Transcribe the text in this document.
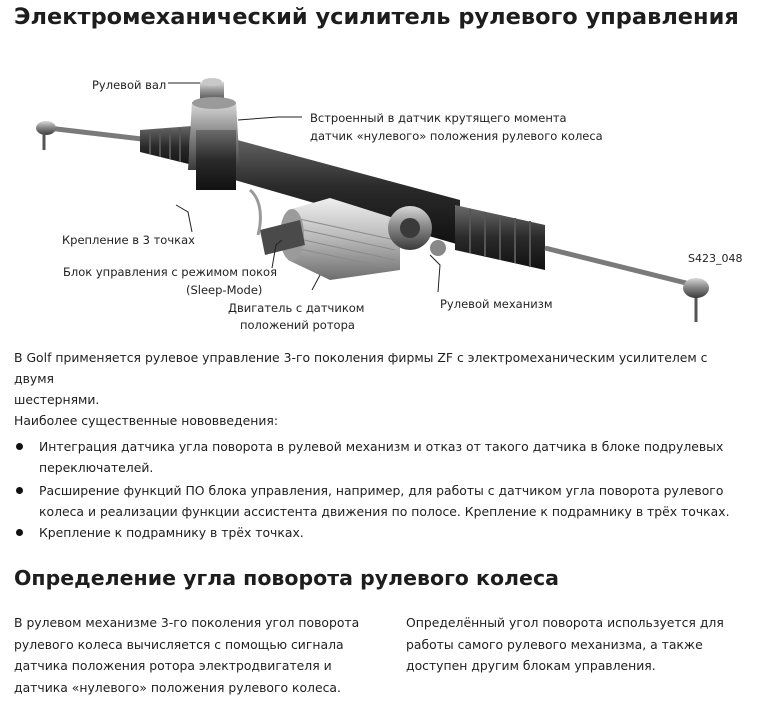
Электромеханический усилитель рулевого управления
Рулевой вал
Встроенный в датчик крутящего момента
датчик «нулевого» положения рулевого колеса
Крепление в 3 точках
Блок управления с режимом покоя
(Sleep-Mode)
Двигатель с датчиком
положений ротора
Рулевой механизм
S423_048
В Golf применяется рулевое управление 3-го поколения фирмы ZF с электромеханическим усилителем с двумя
шестернями.
Наиболее существенные нововведения:
Интеграция датчика угла поворота в рулевой механизм и отказ от такого датчика в блоке подрулевых
переключателей.
Расширение функций ПО блока управления, например, для работы с датчиком угла поворота рулевого
колеса и реализации функции ассистента движения по полосе. Крепление к подрамнику в трёх точках.
Крепление к подрамнику в трёх точках.
Определение угла поворота рулевого колеса
В рулевом механизме 3-го поколения угол поворота
рулевого колеса вычисляется с помощью сигнала
датчика положения ротора электродвигателя и
датчика «нулевого» положения рулевого колеса.
Определённый угол поворота используется для
работы самого рулевого механизма, а также
доступен другим блокам управления.
